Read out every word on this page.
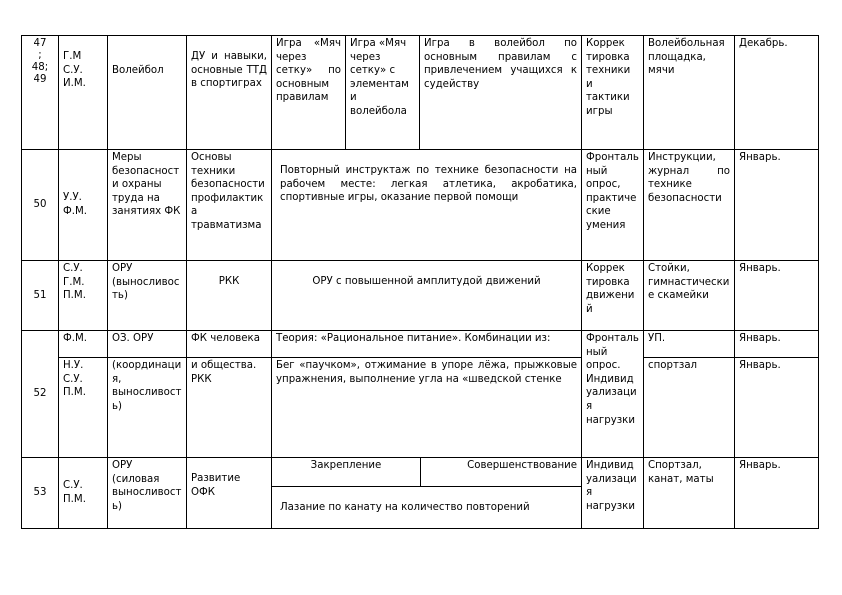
47
;
48;
49
Г.М
С.У.
И.М.
Волейбол
ДУ и навыки, основные ТТД в спортиграх
Игра «Мяч через сетку» по основным правилам
Игра «Мяч через сетку» с элементами волейбола
Игра в волейбол по основным правилам с привлечением учащихся к судейству
Коррек тировка техники и тактики игры
Волейбольная площадка, мячи
Декабрь.
50
У.У.
Ф.М.
Меры безопасности охраны труда на занятиях ФК
Основы техники безопасности профилактика травматизма
Повторный инструктаж по технике безопасности на рабочем месте: легкая атлетика, акробатика, спортивные игры, оказание первой помощи
Фронтальный опрос, практические умения
Инструкции, журнал по технике безопасности
Январь.
51
С.У.
Г.М.
П.М.
ОРУ (выносливость)
РКК	ОРУ с повышенной амплитудой движений
Коррек тировка движений
Стойки, гимнастические скамейки
Январь.
52
Ф.М.
Н.У.
С.У.
П.М.
ОЗ. ОРУ
(координация, выносливость)
ФК человека
и общества. РКК
Теория: «Рациональное питание». Комбинации из:
Бег «паучком», отжимание в упоре лёжа, прыжковые упражнения, выполнение угла на «шведской стенке
Фронтальный опрос. Индивидуализация нагрузки
УП.
спортзал
Январь.
Январь.
53
С.У.
П.М.
ОРУ (силовая выносливость)
Развитие ОФК
Закрепление	Совершенствование
Лазание по канату на количество повторений
Индивидуализация нагрузки
Спортзал, канат, маты
Январь.
